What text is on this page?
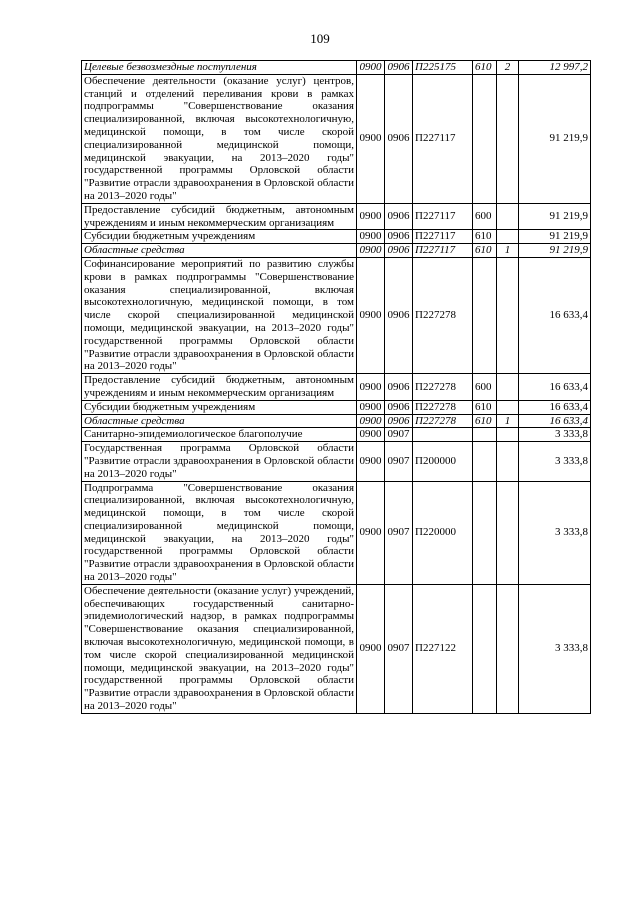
109
Целевые безвозмездные поступления	0900	0906	П225175	610	2	12 997,2
Обеспечение деятельности (оказание услуг) центров, станций и отделений переливания крови в рамках подпрограммы "Совершенствование оказания специализированной, включая высокотехнологичную, медицинской помощи, в том числе скорой специализированной медицинской помощи, медицинской эвакуации, на 2013–2020 годы" государственной программы Орловской области "Развитие отрасли здравоохранения в Орловской области на 2013–2020 годы"	0900	0906	П227117			91 219,9
Предоставление субсидий бюджетным, автономным учреждениям и иным некоммерческим организациям	0900	0906	П227117	600		91 219,9
Субсидии бюджетным учреждениям	0900	0906	П227117	610		91 219,9
Областные средства	0900	0906	П227117	610	1	91 219,9
Софинансирование мероприятий по развитию службы крови в рамках подпрограммы "Совершенствование оказания специализированной, включая высокотехнологичную, медицинской помощи, в том числе скорой специализированной медицинской помощи, медицинской эвакуации, на 2013–2020 годы" государственной программы Орловской области "Развитие отрасли здравоохранения в Орловской области на 2013–2020 годы"	0900	0906	П227278			16 633,4
Предоставление субсидий бюджетным, автономным учреждениям и иным некоммерческим организациям	0900	0906	П227278	600		16 633,4
Субсидии бюджетным учреждениям	0900	0906	П227278	610		16 633,4
Областные средства	0900	0906	П227278	610	1	16 633,4
Санитарно-эпидемиологическое благополучие	0900	0907				3 333,8
Государственная программа Орловской области "Развитие отрасли здравоохранения в Орловской области на 2013–2020 годы"	0900	0907	П200000			3 333,8
Подпрограмма "Совершенствование оказания специализированной, включая высокотехнологичную, медицинской помощи, в том числе скорой специализированной медицинской помощи, медицинской эвакуации, на 2013–2020 годы" государственной программы Орловской области "Развитие отрасли здравоохранения в Орловской области на 2013–2020 годы"	0900	0907	П220000			3 333,8
Обеспечение деятельности (оказание услуг) учреждений, обеспечивающих государственный санитарно-эпидемиологический надзор, в рамках подпрограммы "Совершенствование оказания специализированной, включая высокотехнологичную, медицинской помощи, в том числе скорой специализированной медицинской помощи, медицинской эвакуации, на 2013–2020 годы" государственной программы Орловской области "Развитие отрасли здравоохранения в Орловской области на 2013–2020 годы"	0900	0907	П227122			3 333,8
